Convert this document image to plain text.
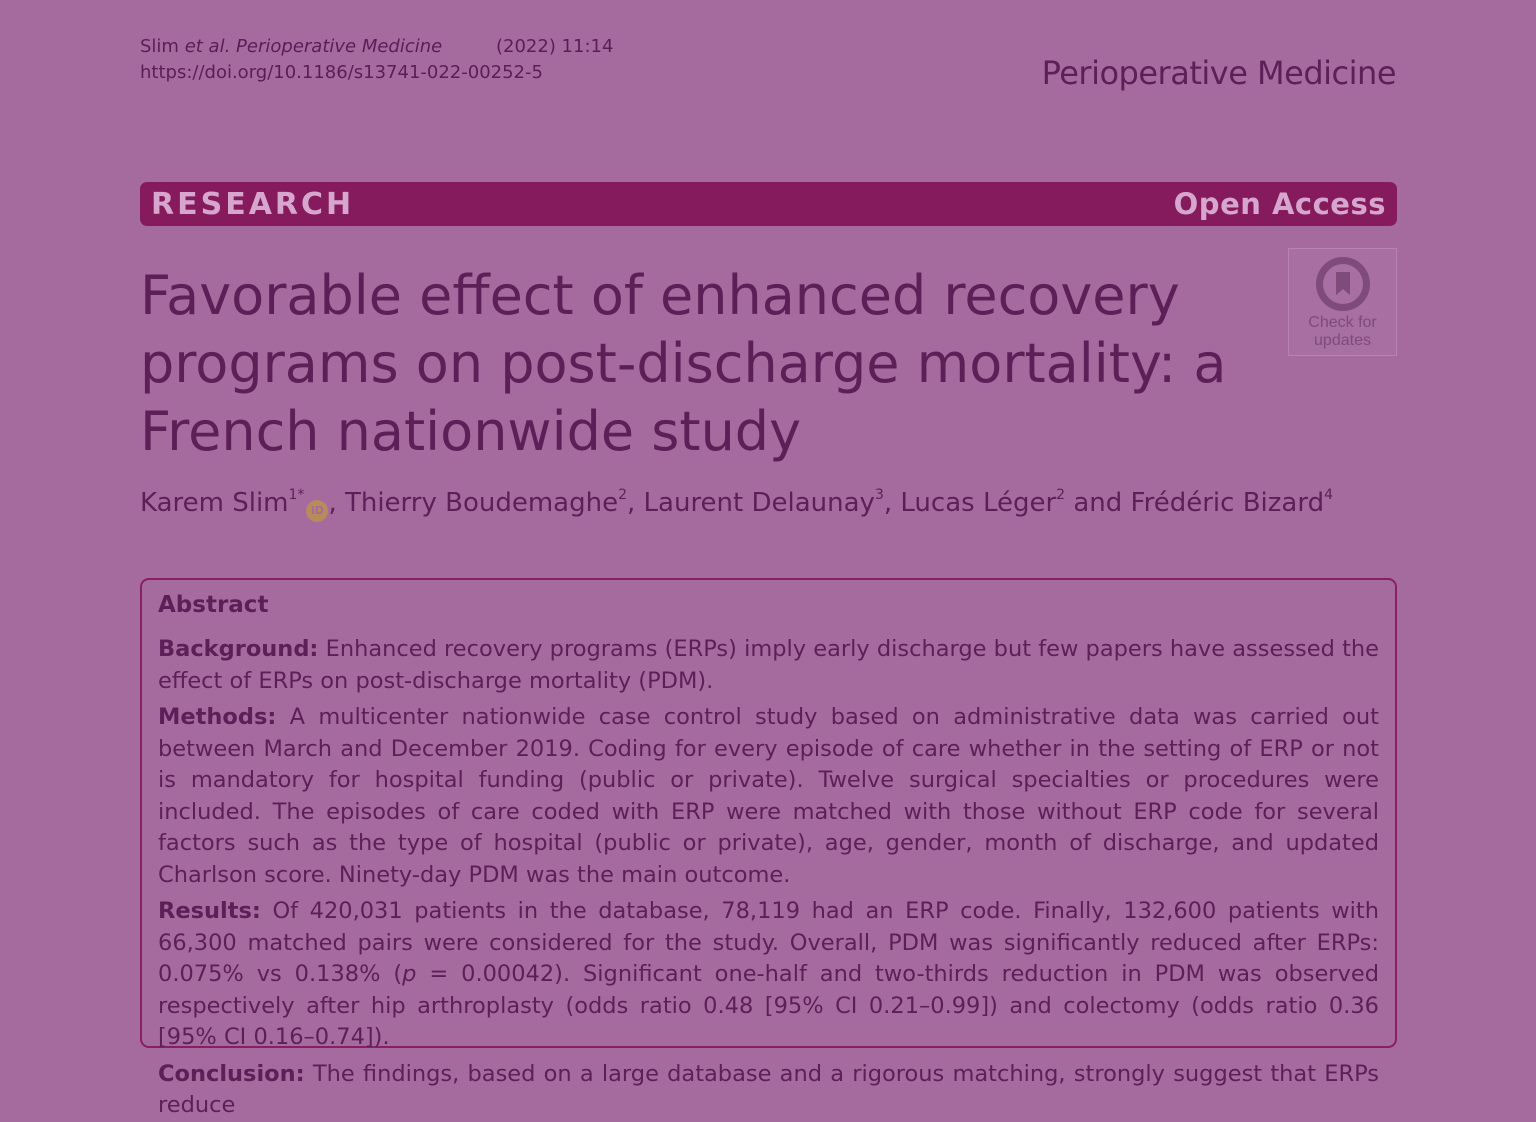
Slim et al. Perioperative Medicine	(2022) 11:14
https://doi.org/10.1186/s13741-022-00252-5	Perioperative Medicine
RESEARCH	Open Access
Favorable effect of enhanced recovery programs on post-discharge mortality: a French nationwide study
Check for
updates
Karem Slim$^{1*}$iD , Thierry Boudemaghe$^2$, Laurent Delaunay$^3$, Lucas Léger$^2$ and Frédéric Bizard$^4$
Abstract

Background: Enhanced recovery programs (ERPs) imply early discharge but few papers have assessed the effect of ERPs on post-discharge mortality (PDM).

Methods: A multicenter nationwide case control study based on administrative data was carried out between March and December 2019. Coding for every episode of care whether in the setting of ERP or not is mandatory for hospital funding (public or private). Twelve surgical specialties or procedures were included. The episodes of care coded with ERP were matched with those without ERP code for several factors such as the type of hospital (public or private), age, gender, month of discharge, and updated Charlson score. Ninety-day PDM was the main outcome.

Results: Of 420,031 patients in the database, 78,119 had an ERP code. Finally, 132,600 patients with 66,300 matched pairs were considered for the study. Overall, PDM was significantly reduced after ERPs: 0.075% vs 0.138% (p = 0.00042). Significant one-half and two-thirds reduction in PDM was observed respectively after hip arthroplasty (odds ratio 0.48 [95% CI 0.21–0.99]) and colectomy (odds ratio 0.36 [95% CI 0.16–0.74]).

Conclusion: The findings, based on a large database and a rigorous matching, strongly suggest that ERPs reduce
